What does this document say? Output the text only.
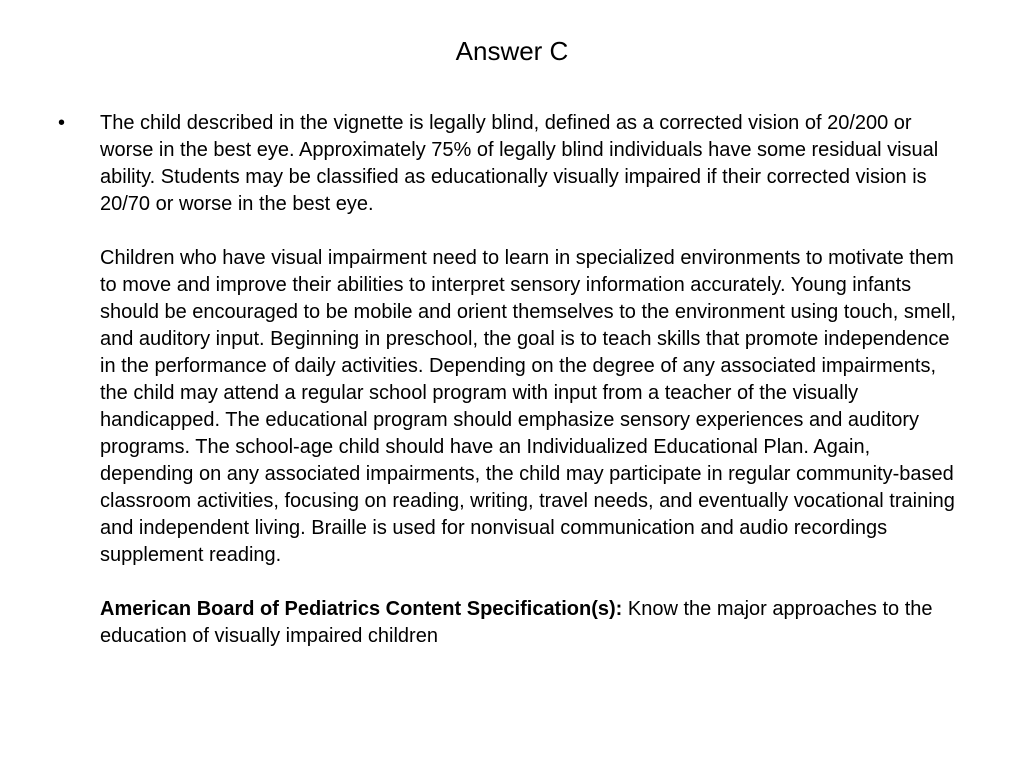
Answer C
• The child described in the vignette is legally blind, defined as a corrected vision of 20/200 or worse in the best eye. Approximately 75% of legally blind individuals have some residual visual ability. Students may be classified as educationally visually impaired if their corrected vision is 20/70 or worse in the best eye.

Children who have visual impairment need to learn in specialized environments to motivate them to move and improve their abilities to interpret sensory information accurately. Young infants should be encouraged to be mobile and orient themselves to the environment using touch, smell, and auditory input. Beginning in preschool, the goal is to teach skills that promote independence in the performance of daily activities. Depending on the degree of any associated impairments, the child may attend a regular school program with input from a teacher of the visually handicapped. The educational program should emphasize sensory experiences and auditory programs. The school-age child should have an Individualized Educational Plan. Again, depending on any associated impairments, the child may participate in regular community-based classroom activities, focusing on reading, writing, travel needs, and eventually vocational training and independent living. Braille is used for nonvisual communication and audio recordings supplement reading.

American Board of Pediatrics Content Specification(s): Know the major approaches to the education of visually impaired children
